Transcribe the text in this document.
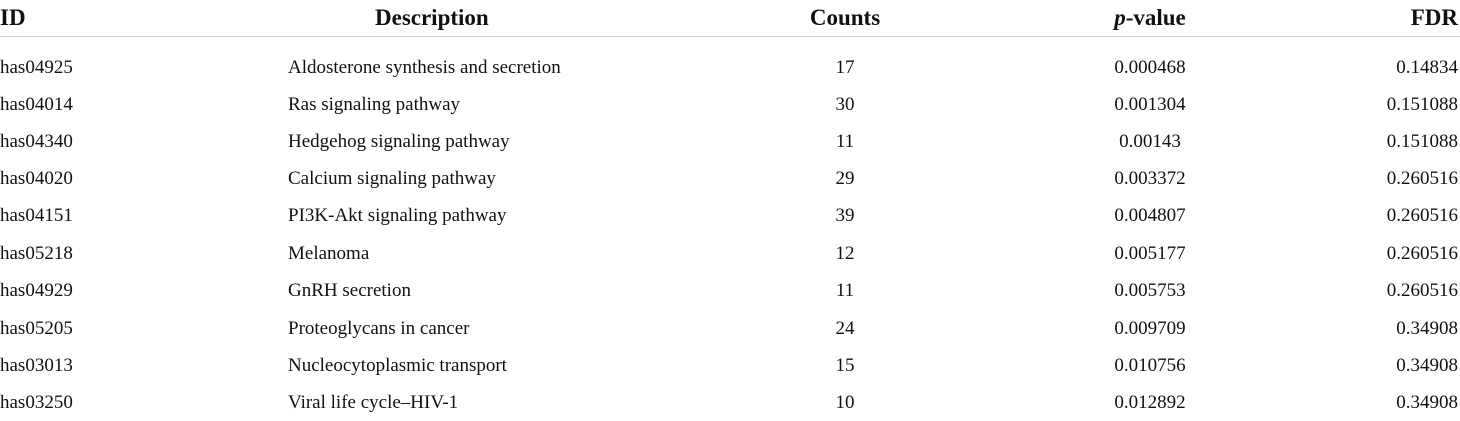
ID	Description	Counts	p -value	FDR
has04925	Aldosterone synthesis and secretion	17	0.000468	0.14834
has04014	Ras signaling pathway	30	0.001304	0.151088
has04340	Hedgehog signaling pathway	11	0.00143	0.151088
has04020	Calcium signaling pathway	29	0.003372	0.260516
has04151	PI3K-Akt signaling pathway	39	0.004807	0.260516
has05218	Melanoma	12	0.005177	0.260516
has04929	GnRH secretion	11	0.005753	0.260516
has05205	Proteoglycans in cancer	24	0.009709	0.34908
has03013	Nucleocytoplasmic transport	15	0.010756	0.34908
has03250	Viral life cycle–HIV-1	10	0.012892	0.34908
